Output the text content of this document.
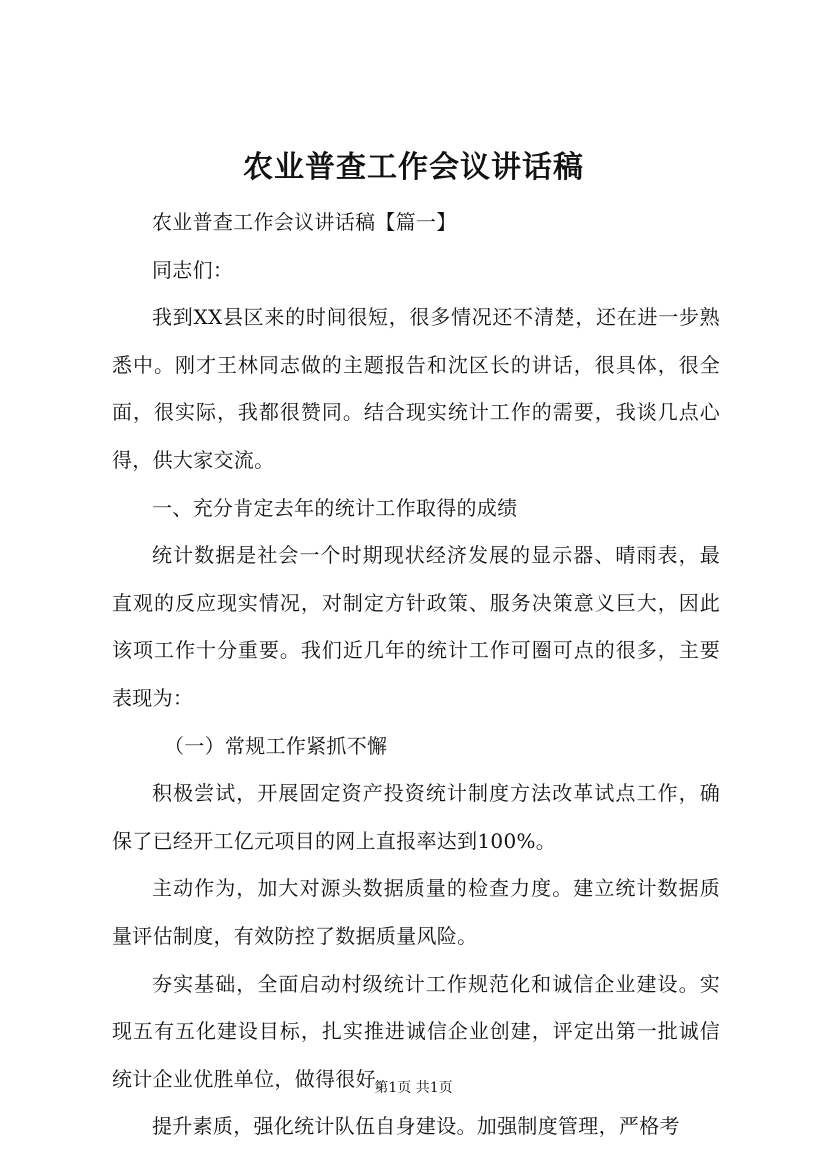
农业普查工作会议讲话稿

农业普查工作会议讲话稿【篇一】

同志们：

我到XX县区来的时间很短，很多情况还不清楚，还在进一步熟悉中。刚才王林同志做的主题报告和沈区长的讲话，很具体，很全面，很实际，我都很赞同。结合现实统计工作的需要，我谈几点心得，供大家交流。

一、充分肯定去年的统计工作取得的成绩

统计数据是社会一个时期现状经济发展的显示器、晴雨表，最直观的反应现实情况，对制定方针政策、服务决策意义巨大，因此该项工作十分重要。我们近几年的统计工作可圈可点的很多，主要表现为：

（一）常规工作紧抓不懈

积极尝试，开展固定资产投资统计制度方法改革试点工作，确保了已经开工亿元项目的网上直报率达到100%。

主动作为，加大对源头数据质量的检查力度。建立统计数据质量评估制度，有效防控了数据质量风险。

夯实基础，全面启动村级统计工作规范化和诚信企业建设。实现五有五化建设目标，扎实推进诚信企业创建，评定出第一批诚信统计企业优胜单位，做得很好。

提升素质，强化统计队伍自身建设。加强制度管理，严格考

第1页 共1页
